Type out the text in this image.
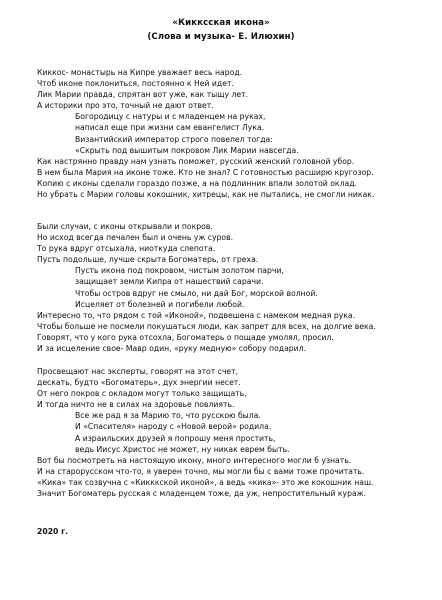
«Кикксcкая икона»
(Слова и музыка- Е. Илюхин)
Киккос- монастырь на Кипре уважает весь народ.
Чтоб иконе поклониться, постоянно к Ней идет.
Лик Марии правда, спрятан вот уже, как тыщу лет.
А историки про это, точный не дают ответ.
Богородицу с натуры и с младенцем на руках,
написал еще при жизни сам евангелист Лука.
Византийский император строго повелел тогда:
«Скрыть под вышитым покровом Лик Марии навсегда.
Как настрянно правду нам узнать поможет, русский женский головной убор.
В нем была Мария на иконе тоже. Кто не знал? С готовностью расширю кругозор.
Копию с иконы сделали гораздо позже, а на подлинник впали золотой оклад.
Но убрать с Марии головы кокошник, хитрецы, как не пытались, не смогли никак.
Были случаи, с иконы открывали и покров.
Но исход всегда печален был и очень уж суров.
То рука вдруг отсыхала, ниоткуда слепота.
Пусть подольше, лучше скрыта Богоматерь, от греха.
Пусть икона под покровом, чистым золотом парчи,
защищает земли Кипра от нашествий сарачи.
Чтобы остров вдруг не смыло, ни дай Бог, морской волной.
Исцеляет от болезней и погибели любой.
Интересно то, что рядом с той «Иконой», подвешена с намеком медная рука.
Чтобы больше не посмели покушаться люди, как запрет для всех, на долгие века.
Говорят, что у кого рука отсохла, Богоматерь о пощаде умолял, просил.
И за исцеление свое- Мавр один, «руку медную» собору подарил.
Просвещают нас эксперты, говорят на этот счет,
дескать, будто «Богоматерь», дух энергии несет.
От него покров с окладом могут только защищать,
И тогда ничто не в силах на здоровье повлиять.
Все же рад я за Марию то, что русскою была.
И «Спасителя» народу с «Новой верой» родила.
А израильских друзей я попрошу меня простить,
ведь Иисус Христос не может, ну никак еврем быть.
Вот бы посмотреть на настоящую икону, много интересного могли б узнать.
И на старорусском что-то, я уверен точно, мы могли бы с вами тоже прочитать.
«Кика» так созвучна с «Кикккской иконой», а ведь «кика»- это же кокошник наш.
Значит Богоматерь русская с младенцем тоже, да уж, непростительный кураж.
2020 г.
